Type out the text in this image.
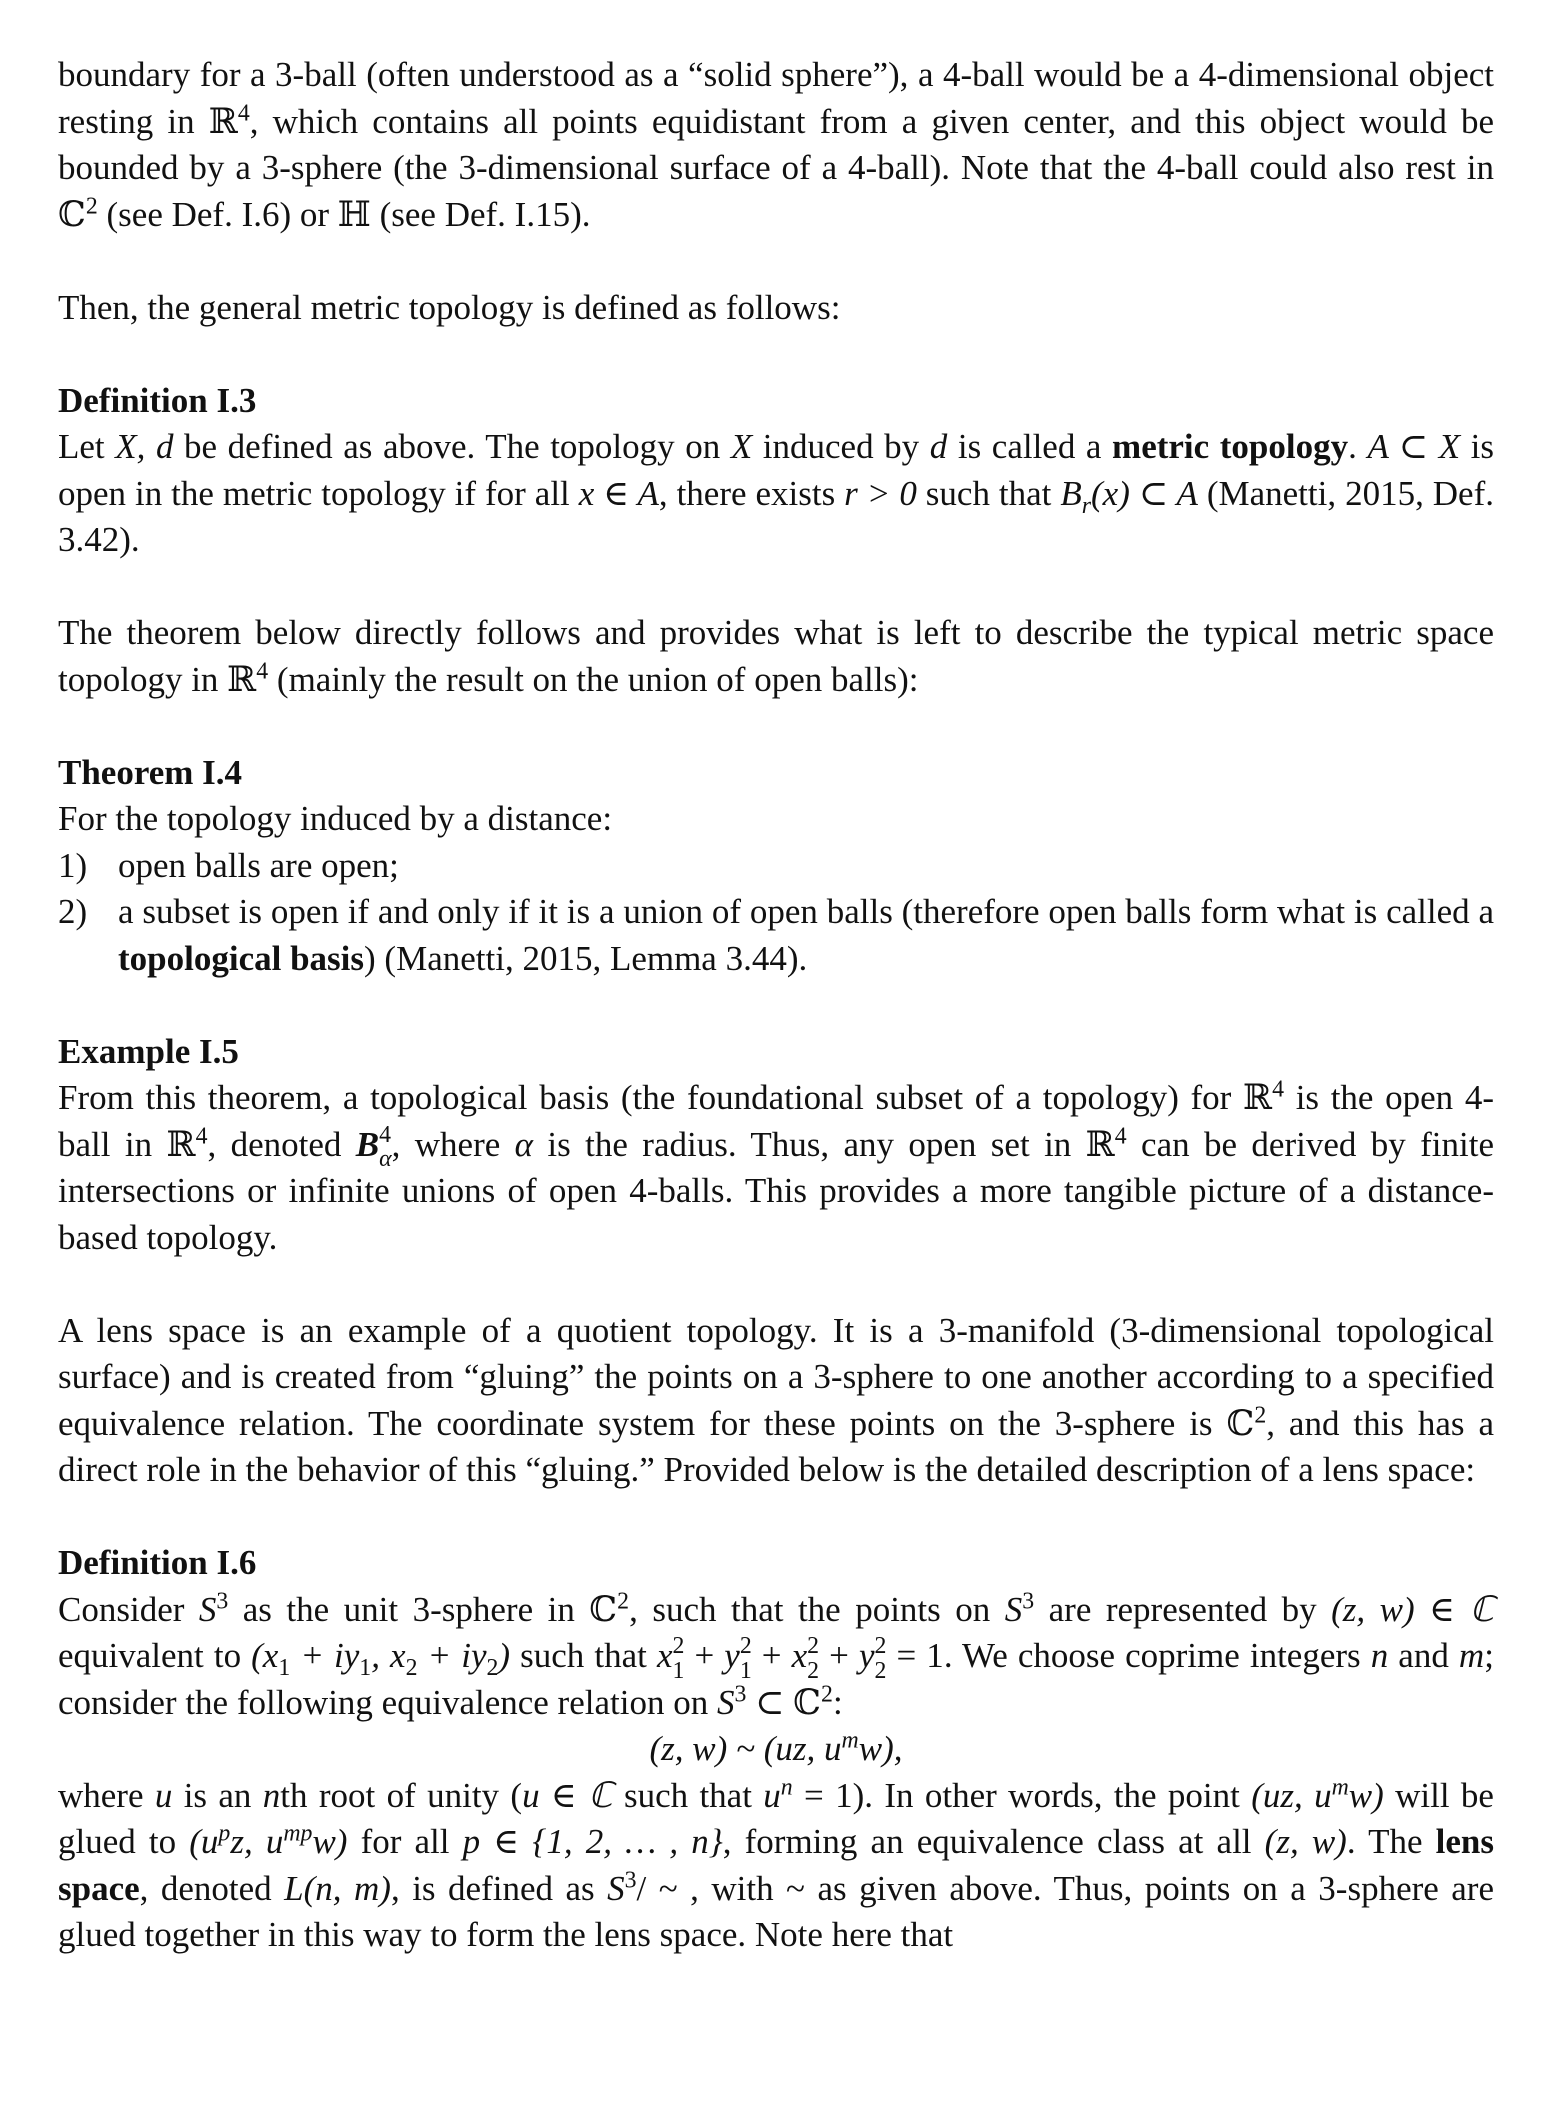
boundary for a 3-ball (often understood as a “solid sphere”), a 4-ball would be a 4-dimensional object resting in ℝ$^4$, which contains all points equidistant from a given center, and this object would be bounded by a 3-sphere (the 3-dimensional surface of a 4-ball). Note that the 4-ball could also rest in ℂ$^2$ (see Def. I.6) or ℍ (see Def. I.15).

Then, the general metric topology is defined as follows:

Definition I.3

Let X, d be defined as above. The topology on X induced by d is called a metric topology. A ⊂ X is open in the metric topology if for all x ∈ A, there exists r > 0 such that $B_r(x)$ ⊂ A (Manetti, 2015, Def. 3.42).

The theorem below directly follows and provides what is left to describe the typical metric space topology in ℝ$^4$ (mainly the result on the union of open balls):

Theorem I.4

For the topology induced by a distance:

1) open balls are open;
2) a subset is open if and only if it is a union of open balls (therefore open balls form what is called a topological basis) (Manetti, 2015, Lemma 3.44).

Example I.5

From this theorem, a topological basis (the foundational subset of a topology) for ℝ$^4$ is the open 4-ball in ℝ$^4$, denoted B 4
α, where α is the radius. Thus, any open set in ℝ$^4$ can be derived by finite intersections or infinite unions of open 4-balls. This provides a more tangible picture of a distance-based topology.

A lens space is an example of a quotient topology. It is a 3-manifold (3-dimensional topological surface) and is created from “gluing” the points on a 3-sphere to one another according to a specified equivalence relation. The coordinate system for these points on the 3-sphere is ℂ$^2$, and this has a direct role in the behavior of this “gluing.” Provided below is the detailed description of a lens space:

Definition I.6

Consider $S^3$ as the unit 3-sphere in ℂ$^2$, such that the points on $S^3$ are represented by (z, w) ∈ ℂ equivalent to ($x_1 + iy_1$, $x_2 + iy_2$) such that x 2
1 + y 2
1 + x 2
2 + y 2
2 = 1. We choose coprime integers n and m; consider the following equivalence relation on $S^3$ ⊂ ℂ$^2$:

(z, w) ~ (uz, $u^mw$),

where u is an nth root of unity (u ∈ ℂ such that $u^n = 1$). In other words, the point (uz, $u^mw$) will be glued to ($u^pz$, $u^{mp}w$) for all p ∈ {1, 2, … , n}, forming an equivalence class at all (z, w). The lens space, denoted L(n, m), is defined as $S^3/$ ~ , with ~ as given above. Thus, points on a 3-sphere are glued together in this way to form the lens space. Note here that
